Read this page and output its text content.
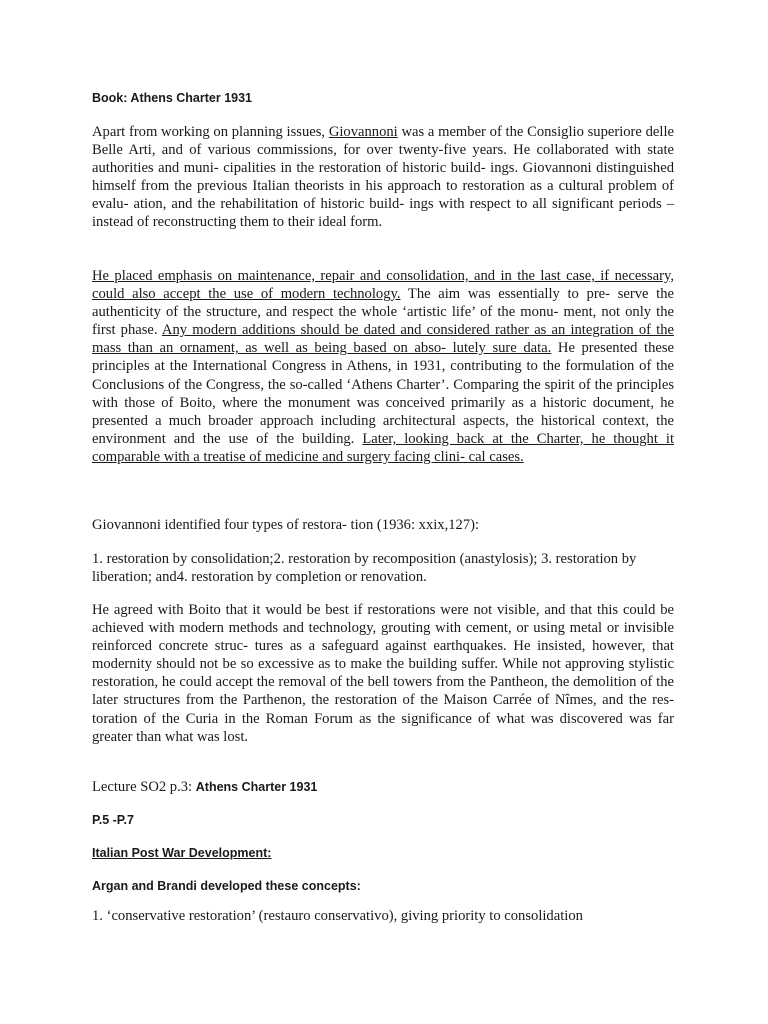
Book: Athens Charter 1931
Apart from working on planning issues, Giovannoni was a member of the Consiglio superiore delle Belle Arti, and of various commissions, for over twenty-five years. He collaborated with state authorities and muni- cipalities in the restoration of historic build- ings. Giovannoni distinguished himself from the previous Italian theorists in his approach to restoration as a cultural problem of evalu- ation, and the rehabilitation of historic build- ings with respect to all significant periods – instead of reconstructing them to their ideal form.
He placed emphasis on maintenance, repair and consolidation, and in the last case, if necessary, could also accept the use of modern technology. The aim was essentially to pre- serve the authenticity of the structure, and respect the whole ‘artistic life’ of the monu- ment, not only the first phase. Any modern additions should be dated and considered rather as an integration of the mass than an ornament, as well as being based on abso- lutely sure data. He presented these principles at the International Congress in Athens, in 1931, contributing to the formulation of the Conclusions of the Congress, the so-called ‘Athens Charter’. Comparing the spirit of the principles with those of Boito, where the monument was conceived primarily as a historic document, he presented a much broader approach including architectural aspects, the historical context, the environment and the use of the building. Later, looking back at the Charter, he thought it comparable with a treatise of medicine and surgery facing clini- cal cases.
Giovannoni identified four types of restora- tion (1936: xxix,127):
1. restoration by consolidation;2. restoration by recomposition (anastylosis); 3. restoration by liberation; and4. restoration by completion or renovation.
He agreed with Boito that it would be best if restorations were not visible, and that this could be achieved with modern methods and technology, grouting with cement, or using metal or invisible reinforced concrete struc- tures as a safeguard against earthquakes. He insisted, however, that modernity should not be so excessive as to make the building suffer. While not approving stylistic restoration, he could accept the removal of the bell towers from the Pantheon, the demolition of the later structures from the Parthenon, the restoration of the Maison Carrée of Nîmes, and the res- toration of the Curia in the Roman Forum as the significance of what was discovered was far greater than what was lost.
Lecture SO2 p.3: Athens Charter 1931
P.5 -P.7
Italian Post War Development:
Argan and Brandi developed these concepts:
1. ‘conservative restoration’ (restauro conservativo), giving priority to consolidation
